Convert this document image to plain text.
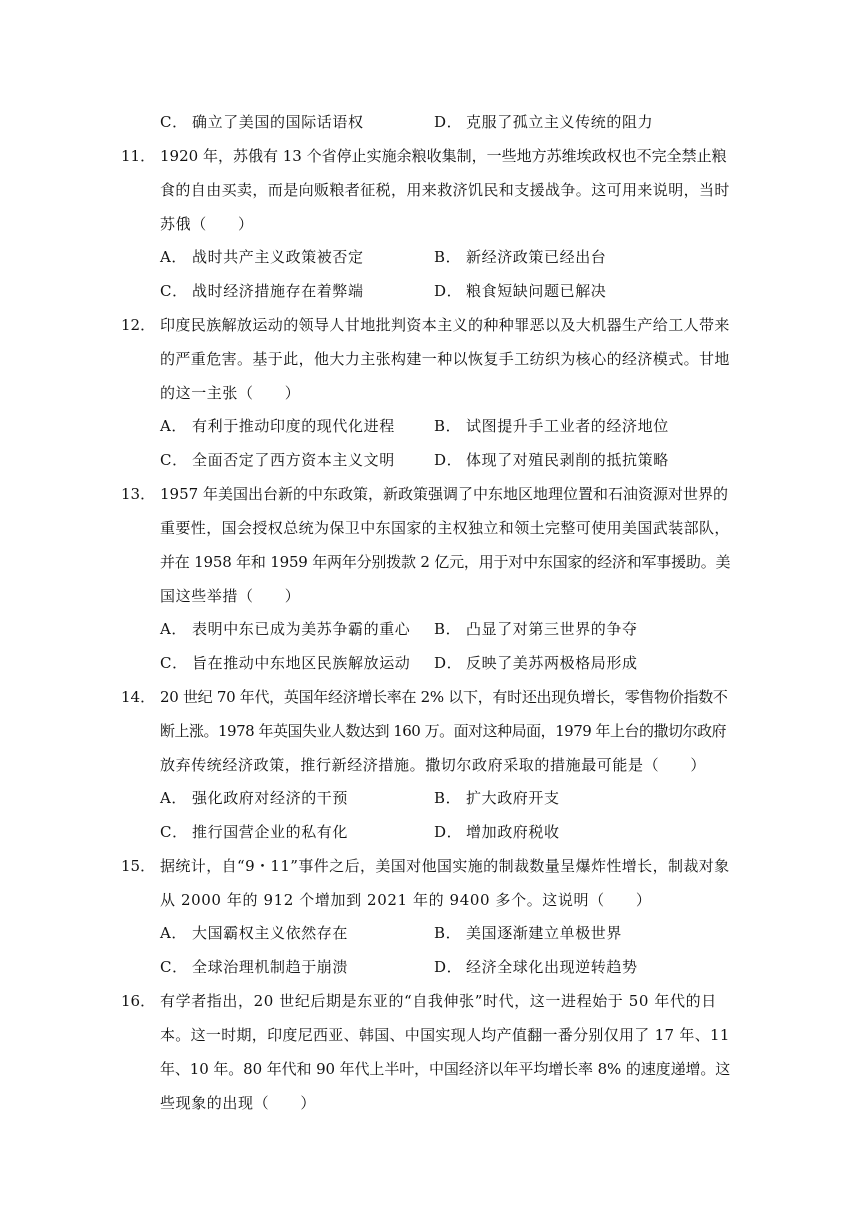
C． 确立了美国的国际话语权	D． 克服了孤立主义传统的阻力
11． 1920 年，苏俄有 13 个省停止实施余粮收集制，一些地方苏维埃政权也不完全禁止粮
食的自由买卖，而是向贩粮者征税，用来救济饥民和支援战争。这可用来说明，当时
苏俄（　　）
A． 战时共产主义政策被否定	B． 新经济政策已经出台
C． 战时经济措施存在着弊端	D． 粮食短缺问题已解决
12． 印度民族解放运动的领导人甘地批判资本主义的种种罪恶以及大机器生产给工人带来
的严重危害。基于此，他大力主张构建一种以恢复手工纺织为核心的经济模式。甘地
的这一主张（　　）
A． 有利于推动印度的现代化进程	B． 试图提升手工业者的经济地位
C． 全面否定了西方资本主义文明	D． 体现了对殖民剥削的抵抗策略
13． 1957 年美国出台新的中东政策，新政策强调了中东地区地理位置和石油资源对世界的
重要性，国会授权总统为保卫中东国家的主权独立和领土完整可使用美国武装部队，
并在 1958 年和 1959 年两年分别拨款 2 亿元，用于对中东国家的经济和军事援助。美
国这些举措（　　）
A． 表明中东已成为美苏争霸的重心 B． 凸显了对第三世界的争夺
C． 旨在推动中东地区民族解放运动 D． 反映了美苏两极格局形成
14． 20 世纪 70 年代，英国年经济增长率在 2% 以下，有时还出现负增长，零售物价指数不
断上涨。1978 年英国失业人数达到 160 万。面对这种局面，1979 年上台的撒切尔政府
放弃传统经济政策，推行新经济措施。撒切尔政府采取的措施最可能是（　　）
A． 强化政府对经济的干预	B． 扩大政府开支
C． 推行国营企业的私有化	D． 增加政府税收
15． 据统计，自“9・11”事件之后，美国对他国实施的制裁数量呈爆炸性增长，制裁对象
从 2000 年的 912 个增加到 2021 年的 9400 多个。这说明（　　）
A． 大国霸权主义依然存在	B． 美国逐渐建立单极世界
C． 全球治理机制趋于崩溃	D． 经济全球化出现逆转趋势
16． 有学者指出，20 世纪后期是东亚的“自我伸张”时代，这一进程始于 50 年代的日
本。这一时期，印度尼西亚、韩国、中国实现人均产值翻一番分别仅用了 17 年、11
年、10 年。80 年代和 90 年代上半叶，中国经济以年平均增长率 8% 的速度递增。这
些现象的出现（　　）
